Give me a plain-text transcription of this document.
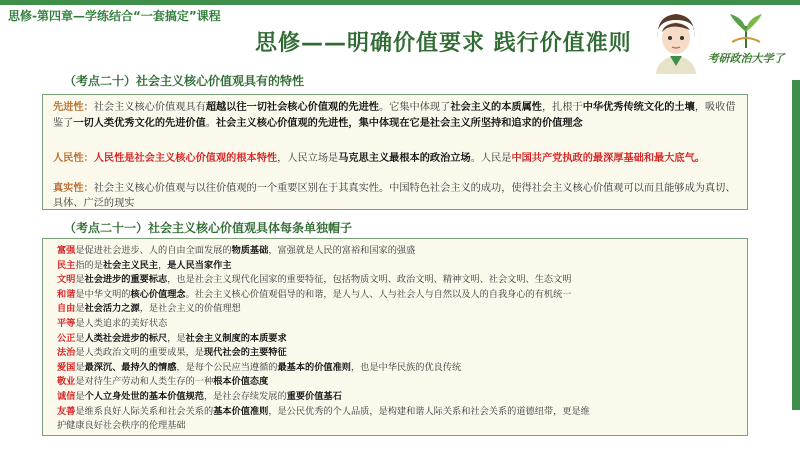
思修-第四章—学练结合“一套搞定”课程
思修——明确价值要求 践行价值准则
考研政治大学了
（考点二十）社会主义核心价值观具有的特性
先进性：社会主义核心价值观具有超越以往一切社会核心价值观的先进性。它集中体现了社会主义的本质属性，扎根于中华优秀传统文化的土壤，吸收借鉴了一切人类优秀文化的先进价值。社会主义核心价值观的先进性，集中体现在它是社会主义所坚持和追求的价值理念
人民性：人民性是社会主义核心价值观的根本特性，人民立场是马克思主义最根本的政治立场。人民是中国共产党执政的最深厚基础和最大底气。
真实性：社会主义核心价值观与以往价值观的一个重要区别在于其真实性。中国特色社会主义的成功，使得社会主义核心价值观可以而且能够成为真切、具体、广泛的现实
（考点二十一）社会主义核心价值观具体每条单独帽子
富强是促进社会进步、人的自由全面发展的物质基础，富强就是人民的富裕和国家的强盛
民主指的是社会主义民主，是人民当家作主
文明是社会进步的重要标志，也是社会主义现代化国家的重要特征，包括物质文明、政治文明、精神文明、社会文明、生态文明
和谐是中华文明的核心价值理念。社会主义核心价值观倡导的和谐，是人与人、人与社会人与自然以及人的自我身心的有机统一
自由是社会活力之源，是社会主义的价值理想
平等是人类追求的美好状态
公正是人类社会进步的标尺，是社会主义制度的本质要求
法治是人类政治文明的重要成果，是现代社会的主要特征
爱国是最深沉、最持久的情感，是每个公民应当遵循的最基本的价值准则，也是中华民族的优良传统
敬业是对待生产劳动和人类生存的一种根本价值态度
诚信是个人立身处世的基本价值规范，是社会存续发展的重要价值基石
友善是维系良好人际关系和社会关系的基本价值准则，是公民优秀的个人品质，是构建和谐人际关系和社会关系的道德纽带，更是维
护健康良好社会秩序的伦理基础
